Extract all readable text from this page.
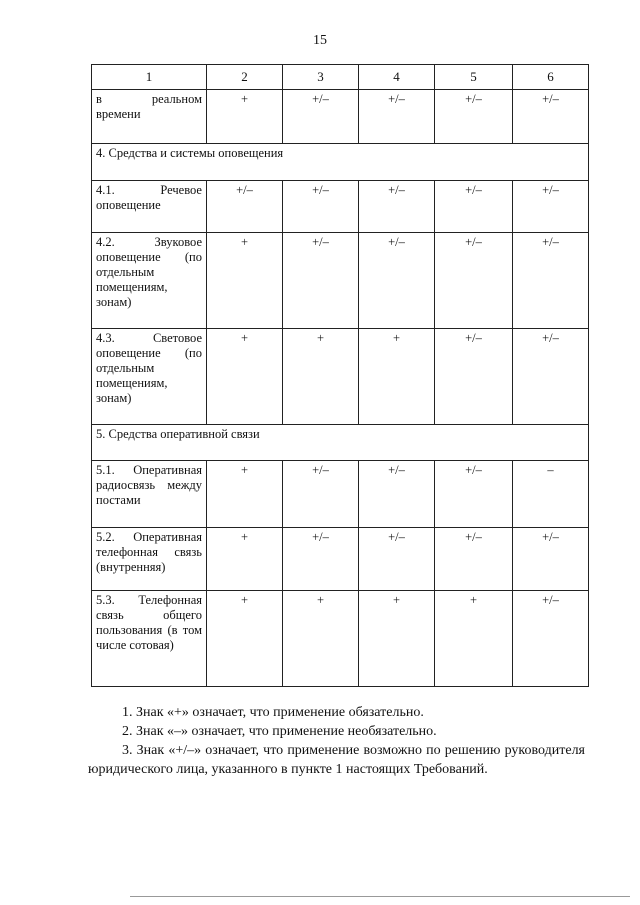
15
1	2	3	4	5	6
в реальном времени	+	+/–	+/–	+/–	+/–
4. Средства и системы оповещения					
4.1. Речевое оповещение	+/–	+/–	+/–	+/–	+/–
4.2. Звуковое оповещение (по отдельным помещениям, зонам)	+	+/–	+/–	+/–	+/–
4.3. Световое оповещение (по отдельным помещениям, зонам)	+	+	+	+/–	+/–
5. Средства оперативной связи					
5.1. Оперативная радиосвязь между постами	+	+/–	+/–	+/–	–
5.2. Оперативная телефонная связь (внутренняя)	+	+/–	+/–	+/–	+/–
5.3. Телефонная связь общего пользования (в том числе сотовая)	+	+	+	+	+/–

1. Знак «+» означает, что применение обязательно.

2. Знак «–» означает, что применение необязательно.

3. Знак «+/–» означает, что применение возможно по решению руководителя юридического лица, указанного в пункте 1 настоящих Требований.
